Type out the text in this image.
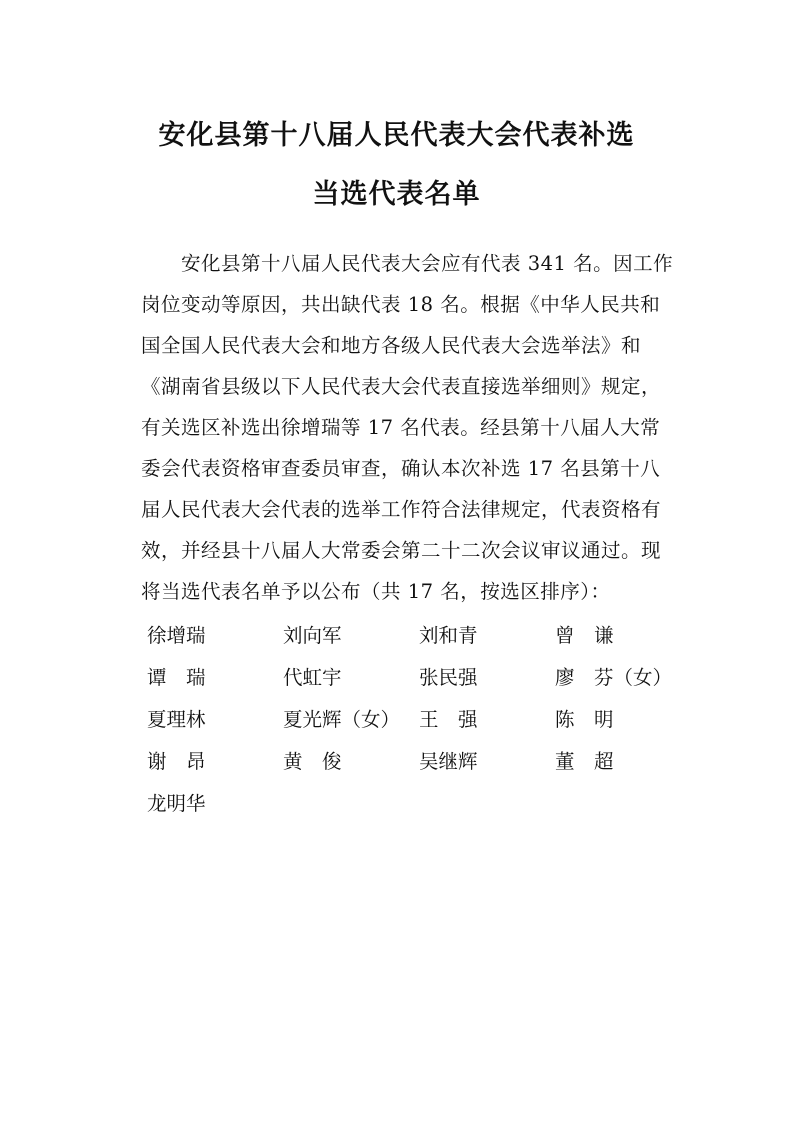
安化县第十八届人民代表大会代表补选
当选代表名单
　　安化县第十八届人民代表大会应有代表 341 名。因工作
岗位变动等原因，共出缺代表 18 名。根据《中华人民共和
国全国人民代表大会和地方各级人民代表大会选举法》和
《湖南省县级以下人民代表大会代表直接选举细则》规定，
有关选区补选出徐增瑞等 17 名代表。经县第十八届人大常
委会代表资格审查委员审查，确认本次补选 17 名县第十八
届人民代表大会代表的选举工作符合法律规定，代表资格有
效，并经县十八届人大常委会第二十二次会议审议通过。现
将当选代表名单予以公布（共 17 名，按选区排序）：
徐增瑞	刘向军	刘和青	曾　谦
谭　瑞	代虹宇	张民强	廖　芬（女）
夏理林	夏光辉（女） 王　强	陈　明
谢　昂	黄　俊	吴继辉	董　超
龙明华
